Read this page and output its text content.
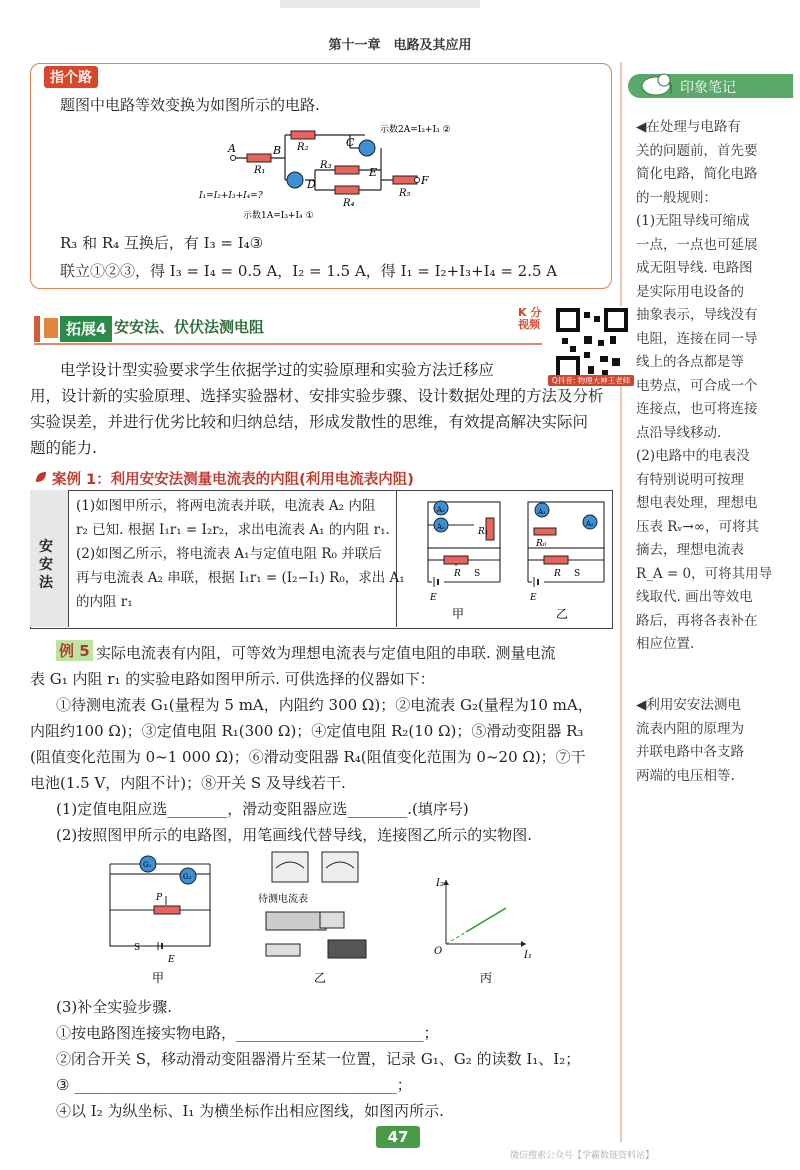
第十一章　电路及其应用
指个路
题图中电路等效变换为如图所示的电路.
A	B
C
D
E
F
R₁
R₂
R₃
R₄
R₅
示数2A=I₂+I₃ ②
示数1A=I₃+I₄ ①
I₁=I₂+I₃+I₄=?
R₃ 和 R₄ 互换后，有 I₃ = I₄③
联立①②③，得 I₃ = I₄ = 0.5 A，I₂ = 1.5 A，得 I₁ = I₂+I₃+I₄ = 2.5 A
印象笔记
◀在处理与电路有
关的问题前，首先要
简化电路，简化电路
的一般规则：
(1)无阻导线可缩成
一点，一点也可延展
成无阻导线. 电路图
是实际用电设备的
抽象表示，导线没有
电阻，连接在同一导
线上的各点都是等
电势点，可合成一个
连接点，也可将连接
点沿导线移动.
(2)电路中的电表没
有特别说明可按理
想电表处理，理想电
压表 Rᵥ→∞，可将其
摘去，理想电流表
R_A = 0，可将其用导
线取代. 画出等效电
路后，再将各表补在
相应位置.
◀利用安安法测电
流表内阻的原理为
并联电路中各支路
两端的电压相等.
拓展4 安安法、伏伏法测电阻
K 分视频
Q抖音: 物理大神王老师
电学设计型实验要求学生依据学过的实验原理和实验方法迁移应
用，设计新的实验原理、选择实验器材、安排实验步骤、设计数据处理的方法及分析
实验误差，并进行优劣比较和归纳总结，形成发散性的思维，有效提高解决实际问
题的能力.
案例 1：利用安安法测量电流表的内阻(利用电流表内阻)
安安法
(1)如图甲所示，将两电流表并联，电流表 A₂ 内阻
r₂ 已知. 根据 I₁r₁ = I₂r₂，求出电流表 A₁ 的内阻 r₁.
(2)如图乙所示，将电流表 A₁与定值电阻 R₀ 并联后
再与电流表 A₂ 串联，根据 I₁r₁ = (I₂−I₁) R₀，求出 A₁
的内阻 r₁
A₁
A₂	R₁
R S
E
A₁
A₂
R₀
R S
E
甲	乙
例 5 实际电流表有内阻，可等效为理想电流表与定值电阻的串联. 测量电流
表 G₁ 内阻 r₁ 的实验电路如图甲所示. 可供选择的仪器如下：
①待测电流表 G₁(量程为 5 mA，内阻约 300 Ω)；②电流表 G₂(量程为10 mA，
内阻约100 Ω)；③定值电阻 R₁(300 Ω)；④定值电阻 R₂(10 Ω)；⑤滑动变阻器 R₃
(阻值变化范围为 0~1 000 Ω)；⑥滑动变阻器 R₄(阻值变化范围为 0~20 Ω)；⑦干
电池(1.5 V，内阻不计)；⑧开关 S 及导线若干.
(1)定值电阻应选________，滑动变阻器应选________.(填序号)
(2)按照图甲所示的电路图，用笔画线代替导线，连接图乙所示的实物图.
G₁
G₂
P
S
E
甲
待测电流表
乙
I₂
I₁
O
丙
(3)补全实验步骤.
①按电路图连接实物电路，_________________________；
②闭合开关 S，移动滑动变阻器滑片至某一位置，记录 G₁、G₂ 的读数 I₁、I₂；
③ ___________________________________________；
④以 I₂ 为纵坐标、I₁ 为横坐标作出相应图线，如图丙所示.
47
微信搜索公众号【学霸数链资料站】
